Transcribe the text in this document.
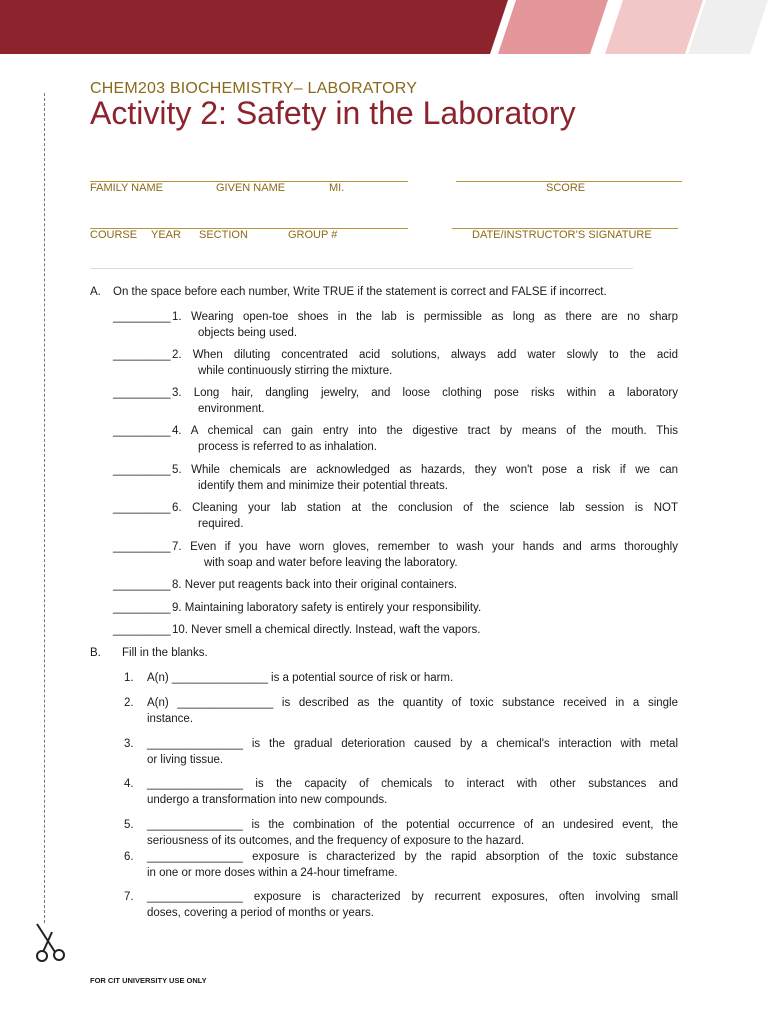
CHEM203 BIOCHEMISTRY– LABORATORY
Activity 2: Safety in the Laboratory
FAMILY NAME	GIVEN NAME	MI.	SCORE
COURSE YEAR SECTION	GROUP #	DATE/INSTRUCTOR’S SIGNATURE
A. On the space before each number, Write TRUE if the statement is correct and FALSE if incorrect.
_________ 1. Wearing open-toe shoes in the lab is permissible as long as there are no sharp
objects being used.
_________ 2. When diluting concentrated acid solutions, always add water slowly to the acid
while continuously stirring the mixture.
_________ 3. Long hair, dangling jewelry, and loose clothing pose risks within a laboratory
environment.
_________ 4. A chemical can gain entry into the digestive tract by means of the mouth. This
process is referred to as inhalation.
_________ 5. While chemicals are acknowledged as hazards, they won't pose a risk if we can
identify them and minimize their potential threats.
_________ 6. Cleaning your lab station at the conclusion of the science lab session is NOT
required.
_________ 7. Even if you have worn gloves, remember to wash your hands and arms thoroughly
with soap and water before leaving the laboratory.
_________ 8. Never put reagents back into their original containers.
_________ 9. Maintaining laboratory safety is entirely your responsibility.
_________ 10. Never smell a chemical directly. Instead, waft the vapors.
B. Fill in the blanks.
1. A(n) _______________ is a potential source of risk or harm.
2. A(n) _______________ is described as the quantity of toxic substance received in a single
instance.
3. _______________ is the gradual deterioration caused by a chemical's interaction with metal
or living tissue.
4. _______________ is the capacity of chemicals to interact with other substances and
undergo a transformation into new compounds.
5. _______________ is the combination of the potential occurrence of an undesired event, the
seriousness of its outcomes, and the frequency of exposure to the hazard.
6. _______________ exposure is characterized by the rapid absorption of the toxic substance
in one or more doses within a 24-hour timeframe.
7. _______________ exposure is characterized by recurrent exposures, often involving small
doses, covering a period of months or years.
FOR CIT UNIVERSITY USE ONLY
